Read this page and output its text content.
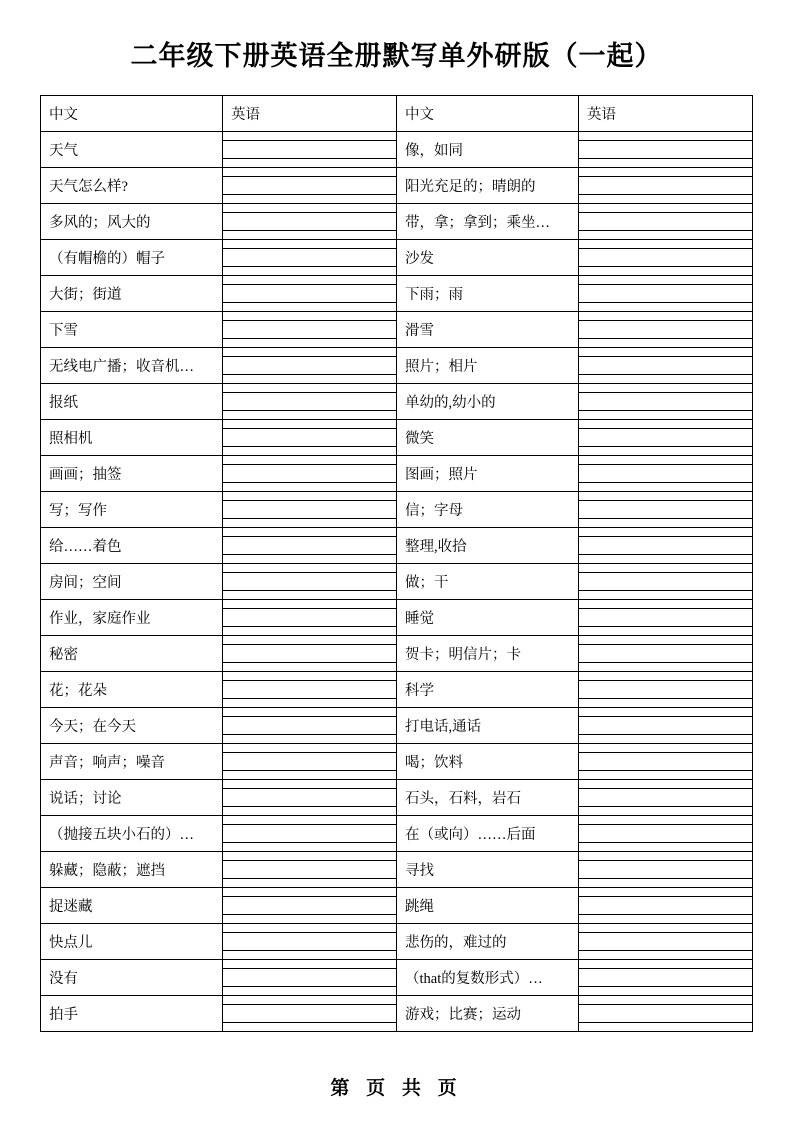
二年级下册英语全册默写单外研版（一起）
中文	英语	中文	英语
天气		像，如同	

天气怎么样?		阳光充足的；晴朗的	

多风的；风大的		带，拿；拿到；乘坐…	

（有帽檐的）帽子		沙发	

大街；街道		下雨；雨	

下雪		滑雪	

无线电广播；收音机…		照片；相片	

报纸		单幼的,幼小的	

照相机		微笑	

画画；抽签		图画；照片	

写；写作		信；字母	

给……着色		整理,收拾	

房间；空间		做；干	

作业，家庭作业		睡觉	

秘密		贺卡；明信片；卡	

花；花朵		科学	

今天；在今天		打电话,通话	

声音；响声；噪音		喝；饮料	

说话；讨论		石头，石料，岩石	

（抛接五块小石的）…		在（或向）……后面	

躲藏；隐蔽；遮挡		寻找	

捉迷藏		跳绳	

快点儿		悲伤的，难过的	

没有		（that的复数形式）…	

拍手		游戏；比赛；运动	
第 页 共 页
